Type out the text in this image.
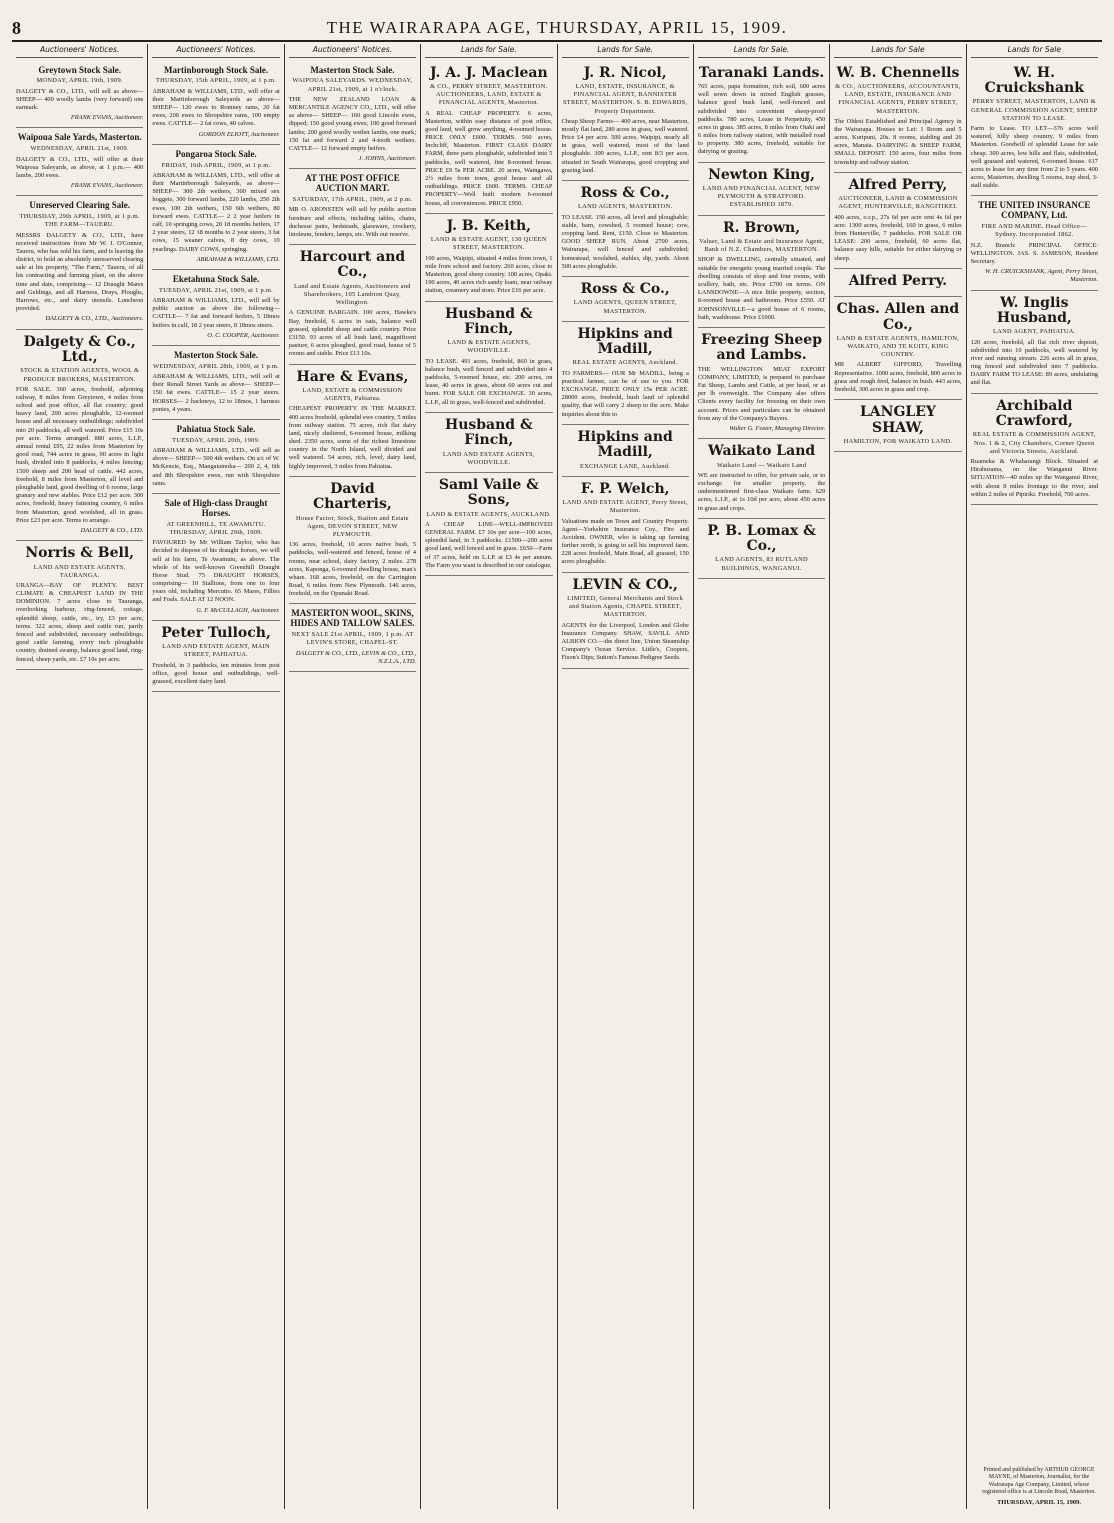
8	THE WAIRARAPA AGE, THURSDAY, APRIL 15, 1909.
Auctioneers' Notices.
Greytown Stock Sale.
MONDAY, APRIL 19th, 1909.
DALGETY & CO., LTD., will sell as above— SHEEP— 400 woolly lambs (very forward) one earmark.
FRANK EVANS, Auctioneer.
Waipoua Sale Yards, Masterton.
WEDNESDAY, APRIL 21st, 1909.
DALGETY & CO., LTD., will offer at their Waipoua Saleyards, as above, at 1 p.m.— 400 lambs, 200 ewes.
FRANK EVANS, Auctioneer.
Unreserved Clearing Sale.
THURSDAY, 29th APRIL, 1909, at 1 p.m. THE FARM—TAUERU.
MESSRS DALGETY & CO., LTD., have received instructions from Mr W. J. O'Connor, Taueru, who has sold his farm, and is leaving the district, to hold an absolutely unreserved clearing sale at his property, "The Farm," Taueru, of all his contracting and farming plant, on the above time and date, comprising— 12 Draught Mares and Geldings, and all Harness, Drays, Ploughs, Harrows, etc., and dairy utensils. Luncheon provided.
DALGETY & CO., LTD., Auctioneers.
Dalgety & Co., Ltd.,
STOCK & STATION AGENTS, WOOL & PRODUCE BROKERS, MASTERTON.
FOR SALE. 360 acres, freehold, adjoining railway, 8 miles from Greytown, 4 miles from school and post office, all flat country; good heavy land, 200 acres ploughable, 12-roomed house and all necessary outbuildings; subdivided into 20 paddocks, all well watered. Price £15 10s per acre. Terms arranged. 880 acres, L.I.P., annual rental £95, 22 miles from Masterton by good road, 744 acres in grass, 90 acres in light bush, divided into 8 paddocks, 4 miles fencing; 1500 sheep and 200 head of cattle. 442 acres, freehold, 8 miles from Masterton, all level and ploughable land, good dwelling of 6 rooms, large granary and new stables. Price £12 per acre. 300 acres, freehold, heavy fattening country, 6 miles from Masterton, good woolshed, all in grass. Price £23 per acre. Terms to arrange.
DALGETY & CO., LTD.
Norris & Bell,
LAND AND ESTATE AGENTS, TAURANGA.
URANGA—BAY OF PLENTY. BEST CLIMATE & CHEAPEST LAND IN THE DOMINION. 7 acres close to Tauranga, overlooking harbour, ring-fenced, cottage, splendid sheep, cattle, etc., try, £3 per acre, terms. 322 acres, sheep and cattle run, partly fenced and subdivided, necessary outbuildings, good cattle farming, every inch ploughable country, drained swamp, balance good land, ring-fenced, sheep yards, etc. £7 10s per acre.
Auctioneers' Notices.
Martinborough Stock Sale.
THURSDAY, 15th APRIL, 1909, at 1 p.m.
ABRAHAM & WILLIAMS, LTD., will offer at their Martinborough Saleyards as above— SHEEP— 120 ewes to Romney rams, 20 fat ewes, 200 ewes to Shropshire rams, 100 empty ewes. CATTLE— 2 fat cows, 40 calves.
GORDON ELIOTT, Auctioneer.
Pongaroa Stock Sale.
FRIDAY, 16th APRIL, 1909, at 1 p.m.
ABRAHAM & WILLIAMS, LTD., will offer at their Martinborough Saleyards, as above— SHEEP— 300 2th wethers, 300 mixed sex hoggets, 300 forward lambs, 220 lambs, 250 2th ewes, 100 2th wethers, 150 6th wethers, 80 forward ewes. CATTLE— 2 2 year heifers in calf, 10 springing cows, 20 18 months heifers, 17 2 year steers, 12 18 months to 2 year steers, 3 fat cows, 15 weaner calves, 8 dry cows, 10 yearlings. DAIRY COWS, springing.
ABRAHAM & WILLIAMS, LTD.
Eketahuna Stock Sale.
TUESDAY, APRIL 21st, 1909, at 1 p.m.
ABRAHAM & WILLIAMS, LTD., will sell by public auction as above the following— CATTLE— 7 fat and forward heifers, 5 18mos heifers in calf, 18 2 year steers, 8 18mos steers.
O. C. COOPER, Auctioneer.
Masterton Stock Sale.
WEDNESDAY, APRIL 28th, 1909, at 1 p.m.
ABRAHAM & WILLIAMS, LTD., will sell at their Renall Street Yards as above— SHEEP— 150 fat ewes. CATTLE— 15 2 year steers. HORSES— 2 hackneys, 12 to 18mos, 1 harness ponies, 4 years.
Pahiatua Stock Sale.
TUESDAY, APRIL 20th, 1909.
ABRAHAM & WILLIAMS, LTD., will sell as above— SHEEP— 500 4th wethers. On a/c of W. McKenzie, Esq., Mangatainoka— 200 2, 4, 6th and 8th Shropshire ewes, run with Shropshire rams.
Sale of High-class Draught Horses.
AT GREENHILL, TE AWAMUTU. THURSDAY, APRIL 29th, 1909.
FAVOURED by Mr William Taylor, who has decided to dispose of his draught horses, we will sell at his farm, Te Awamutu, as above. The whole of his well-known Greenhill Draught Horse Stud. 75 DRAUGHT HORSES, comprising— 10 Stallions, from one to four years old, including Mercutio. 65 Mares, Fillies and Foals. SALE AT 12 NOON.
G. F. McCULLAGH, Auctioneer.
Peter Tulloch,
LAND AND ESTATE AGENT, MAIN STREET, PAHIATUA.
Freehold, in 3 paddocks, ten minutes from post office, good house and outbuildings, well-grassed, excellent dairy land.
Auctioneers' Notices.
Masterton Stock Sale.
WAIPOUA SALEYARDS. WEDNESDAY, APRIL 21st, 1909, at 1 o'clock.
THE NEW ZEALAND LOAN & MERCANTILE AGENCY CO., LTD., will offer as above— SHEEP— 160 good Lincoln ewes, dipped; 150 good young ewes; 100 good forward lambs; 200 good woolly wether lambs, one mark; 150 fat and forward 2 and 4-tooth wethers. CATTLE— 12 forward empty heifers.
J. JOHNS, Auctioneer.
AT THE POST OFFICE AUCTION MART.
SATURDAY, 17th APRIL, 1909, at 2 p.m.
MR O. ARONSTEN will sell by public auction furniture and effects, including tables, chairs, duchesse pairs, bedsteads, glassware, crockery, linoleum, fenders, lamps, etc. With out reserve.
Harcourt and Co.,
Land and Estate Agents, Auctioneers and Sharebrokers, 105 Lambton Quay, Wellington.
A GENUINE BARGAIN. 100 acres, Hawke's Bay, freehold, 6 acres in oats, balance well grassed, splendid sheep and cattle country. Price £3150. 93 acres of all bush land, magnificent pasture, 6 acres ploughed, good road, house of 5 rooms and stable. Price £13 10s.
Hare & Evans,
LAND, ESTATE & COMMISSION AGENTS, Pahiatua.
CHEAPEST PROPERTY IN THE MARKET. 400 acres freehold, splendid ewe country, 5 miles from railway station. 75 acres, rich flat dairy land, nicely sheltered, 6-roomed house, milking shed. 2350 acres, some of the richest limestone country in the North Island, well divided and well watered. 54 acres, rich, level, dairy land, highly improved, 3 miles from Pahiatua.
David Charteris,
House Factor, Stock, Station and Estate Agent, DEVON STREET, NEW PLYMOUTH.
136 acres, freehold, 10 acres native bush, 5 paddocks, well-watered and fenced, house of 4 rooms, near school, dairy factory, 2 miles. 278 acres, Kaponga, 6-roomed dwelling house, man's whare. 168 acres, freehold, on the Carrington Road, 6 miles from New Plymouth. 146 acres, freehold, on the Opunaki Road.
MASTERTON WOOL, SKINS, HIDES AND TALLOW SALES.
NEXT SALE 21st APRIL, 1909, 1 p.m. AT LEVIN'S STORE, CHAPEL-ST.
DALGETY & CO., LTD., LEVIN & CO., LTD., N.Z.L.A., LTD.
Lands for Sale.
J. A. J. Maclean
& CO., PERRY STREET, MASTERTON. AUCTIONEERS, LAND, ESTATE & FINANCIAL AGENTS, Masterton.
A REAL CHEAP PROPERTY. 6 acres, Masterton, within easy distance of post office, good land, well grow anything, 4-roomed house. PRICE ONLY £600. TERMS. 560 acres, Inchcliff, Masterton. FIRST CLASS DAIRY FARM, three parts ploughable, subdivided into 5 paddocks, well watered, fine 8-roomed house. PRICE £9 5s PER ACRE. 20 acres, Waingawa, 2½ miles from town, good house and all outbuildings. PRICE £600. TERMS. CHEAP PROPERTY—Well built modern 6-roomed house, all conveniences. PRICE £950.
J. B. Keith,
LAND & ESTATE AGENT, 130 QUEEN STREET, MASTERTON.
100 acres, Waipipi, situated 4 miles from town, 1 mile from school and factory. 260 acres, close to Masterton, good sheep country. 100 acres, Opaki. 190 acres, 40 acres rich sandy loam, near railway station, creamery and store. Price £16 per acre.
Husband & Finch,
LAND & ESTATE AGENTS, WOODVILLE.
TO LEASE. 491 acres, freehold, 860 in grass, balance bush, well fenced and subdivided into 4 paddocks, 5-roomed house, etc. 200 acres, on lease, 40 acres in grass, about 60 acres cut and burnt. FOR SALE OR EXCHANGE. 30 acres, L.I.P., all in grass, well-fenced and subdivided.
Husband & Finch,
LAND AND ESTATE AGENTS, WOODVILLE.
Saml Vaile & Sons,
LAND & ESTATE AGENTS, AUCKLAND.
A CHEAP LINE—WELL-IMPROVED GENERAL FARM. £7 10s per acre—100 acres, splendid land, in 3 paddocks. £1500—200 acres good land, well fenced and in grass. £650—Farm of 37 acres, held on L.I.P. at £3 4s per annum. The Farm you want is described in our catalogue.
Lands for Sale.
J. R. Nicol,
LAND, ESTATE, INSURANCE, & FINANCIAL AGENT, BANNISTER STREET, MASTERTON. S. B. EDWARDS, Property Department.
Cheap Sheep Farms— 400 acres, near Masterton, mostly flat land, 280 acres in grass, well watered. Price £4 per acre. 500 acres, Waipipi, nearly all in grass, well watered, most of the land ploughable. 300 acres, L.I.P., rent 8/3 per acre, situated in South Wairarapa, good cropping and grazing land.
Ross & Co.,
LAND AGENTS, MASTERTON.
TO LEASE. 150 acres, all level and ploughable; stable, barn, cowshed, 5 roomed house; cow, cropping land. Rent, £150. Close to Masterton. GOOD SHEEP RUN. About 2700 acres, Wairarapa, well fenced and subdivided; homestead, woolshed, stables, dip, yards. About 500 acres ploughable.
Ross & Co.,
LAND AGENTS, QUEEN STREET, MASTERTON.
Hipkins and Madill,
REAL ESTATE AGENTS, Auckland.
TO FARMERS— OUR Mr MADILL, being a practical farmer, can be of use to you. FOR EXCHANGE. PRICE ONLY 15s PER ACRE. 28000 acres, freehold, bush land of splendid quality, that will carry 2 sheep to the acre. Make inquiries about this to
Hipkins and Madill,
EXCHANGE LANE, Auckland.
F. P. Welch,
LAND AND ESTATE AGENT, Perry Street, Masterton.
Valuations made on Town and Country Property. Agent—Yorkshire Insurance Coy., Fire and Accident. OWNER, who is taking up farming further north, is going to sell his improved farm. 228 acres freehold, Main Road, all grassed, 150 acres ploughable.
LEVIN & CO.,
LIMITED, General Merchants and Stock and Station Agents, CHAPEL STREET, MASTERTON.
AGENTS for the Liverpool, London and Globe Insurance Company. SHAW, SAVILL AND ALBION CO.—the direct line, Union Steamship Company's Ocean Service. Little's, Coopers, Fison's Dips; Sutton's Famous Pedigree Seeds.
Lands for Sale.
Taranaki Lands.
765 acres, papa formation, rich soil, 600 acres well sown down in mixed English grasses, balance good bush land, well-fenced and subdivided into convenient sheep-proof paddocks. 780 acres, Lease in Perpetuity, 450 acres in grass. 385 acres, 8 miles from Otaki and 6 miles from railway station, with metalled road to property. 380 acres, freehold, suitable for dairying or grazing.
Newton King,
LAND AND FINANCIAL AGENT, NEW PLYMOUTH & STRATFORD. ESTABLISHED 1879.
R. Brown,
Valuer, Land & Estate and Insurance Agent, Bank of N.Z. Chambers, MASTERTON.
SHOP & DWELLING, centrally situated, and suitable for energetic young married couple. The dwelling consists of shop and four rooms, with scullery, bath, etc. Price £700 on terms. ON LANSDOWNE—A nice little property, section, 8-roomed house and bathroom. Price £550. AT JOHNSONVILLE—a good house of 6 rooms, bath, washhouse. Price £1000.
Freezing Sheep and Lambs.
THE WELLINGTON MEAT EXPORT COMPANY, LIMITED, is prepared to purchase Fat Sheep, Lambs and Cattle, at per head, or at per lb ownweight. The Company also offers Clients every facility for freezing on their own account. Prices and particulars can be obtained from any of the Company's Buyers.
Walter G. Foster, Managing Director.
Waikato Land
Waikato Land — Waikato Land
WE are instructed to offer, for private sale, or to exchange for smaller property, the undermentioned first-class Waikato farm. 629 acres, L.I.P., at 1s 10d per acre, about 450 acres in grass and crops.
P. B. Lomax & Co.,
LAND AGENTS, 83 RUTLAND BUILDINGS, WANGANUI.
Lands for Sale
W. B. Chennells
& CO., AUCTIONEERS, ACCOUNTANTS, LAND, ESTATE, INSURANCE AND FINANCIAL AGENTS, PERRY STREET, MASTERTON.
The Oldest Established and Principal Agency in the Wairarapa. Houses to Let: 1 Room and 5 acres, Kuripuni, 20s. 8 rooms, stabling and 26 acres, Manaia. DAIRYING & SHEEP FARM, SMALL DEPOSIT. 150 acres, four miles from township and railway station.
Alfred Perry,
AUCTIONEER, LAND & COMMISSION AGENT, HUNTERVILLE, RANGITIKEI.
400 acres, o.r.p., 27s 6d per acre rent 4s 6d per acre. 1300 acres, freehold, 160 in grass, 6 miles from Hunterville, 7 paddocks. FOR SALE OR LEASE: 200 acres, freehold, 60 acres flat, balance easy hills, suitable for either dairying or sheep.
Alfred Perry.
Chas. Allen and Co.,
LAND & ESTATE AGENTS, HAMILTON, WAIKATO, AND TE KUITI, KING COUNTRY.
MR ALBERT GIFFORD, Travelling Representative. 1000 acres, freehold, 800 acres in grass and rough feed, balance in bush. 443 acres, freehold, 300 acres in grass and crop.
LANGLEY SHAW,
HAMILTON, FOR WAIKATO LAND.
Lands for Sale
W. H. Cruickshank
PERRY STREET, MASTERTON, LAND & GENERAL COMMISSION AGENT, SHEEP STATION TO LEASE.
Farm to Lease. TO LET—376 acres well watered, hilly sheep country, 9 miles from Masterton. Goodwill of splendid Lease for sale cheap. 300 acres, low hills and flats, subdivided, well grassed and watered, 6-roomed house. 617 acres to lease for any time from 2 to 5 years. 400 acres, Masterton, dwelling 5 rooms, trap shed, 3-stall stable.
THE UNITED INSURANCE COMPANY, Ltd.
FIRE AND MARINE. Head Office—Sydney. Incorporated 1862.
N.Z. Branch: PRINCIPAL OFFICE: WELLINGTON. JAS. S. JAMESON, Resident Secretary.
W. H. CRUICKSHANK, Agent, Perry Street, Masterton.
W. Inglis Husband,
LAND AGENT, PAHIATUA.
120 acres, freehold, all flat rich river deposit, subdivided into 10 paddocks, well watered by river and running stream. 226 acres all in grass, ring fenced and subdivided into 7 paddocks. DAIRY FARM TO LEASE: 89 acres, undulating and flat.
Archibald Crawford,
REAL ESTATE & COMMISSION AGENT, Nos. 1 & 2, City Chambers, Corner Queen and Victoria Streets, Auckland.
Ruameka & Whaharangi Block. Situated at Hirahurama, on the Wanganui River. SITUATION—40 miles up the Wanganui River, with about 8 miles frontage to the river, and within 2 miles of Pipiriki. Freehold, 700 acres.
Printed and published by ARTHUR GEORGE MAYNE, of Masterton, Journalist, for the Wairarapa Age Company, Limited, whose registered office is at Lincoln Road, Masterton.
THURSDAY, APRIL 15, 1909.
